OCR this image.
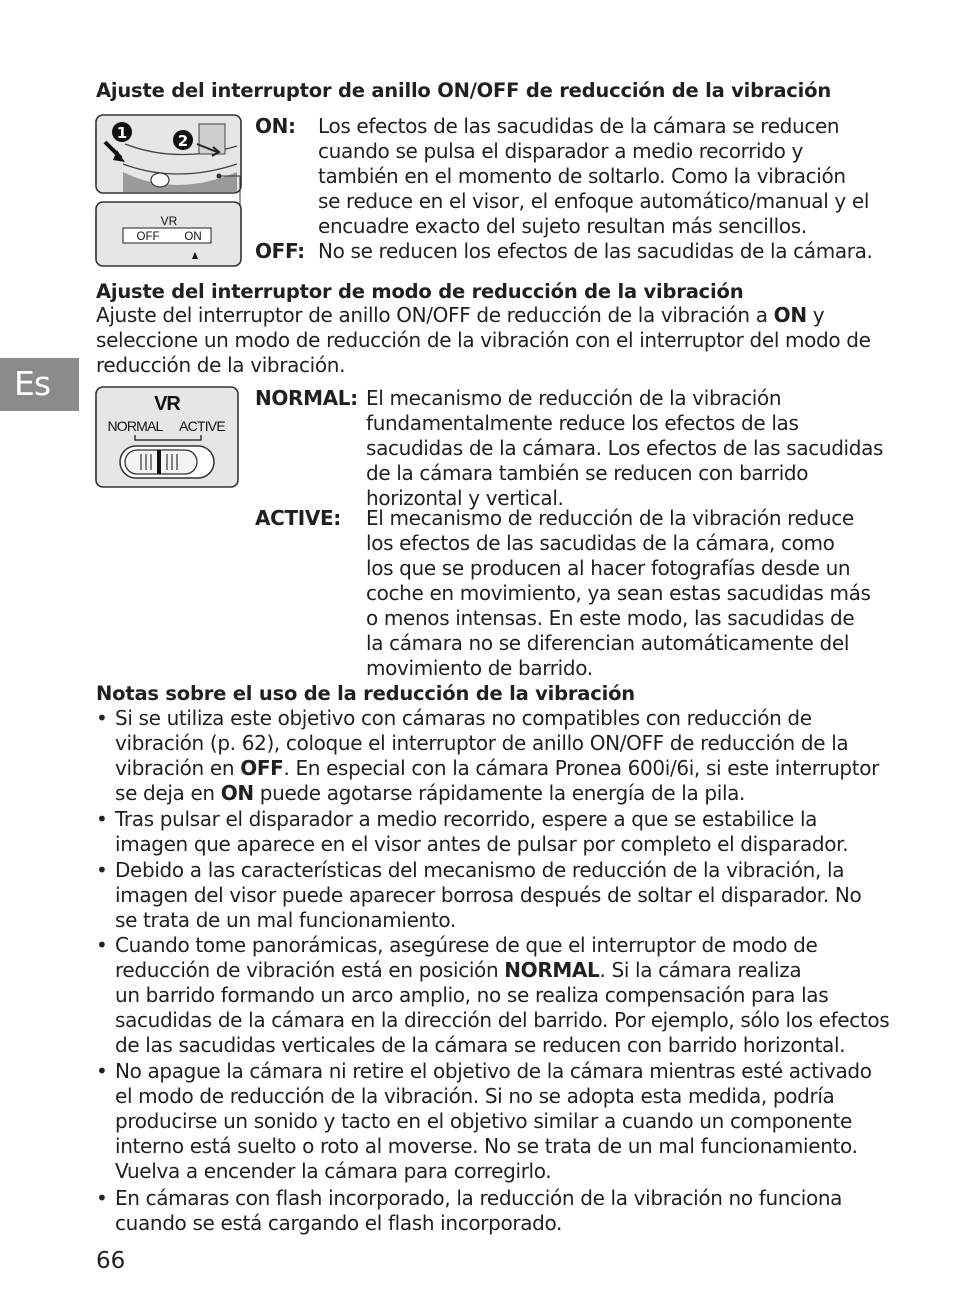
Es
Ajuste del interruptor de anillo ON/OFF de reducción de la vibración
1	2
VR
OFF ON
ON: Los efectos de las sacudidas de la cámara se reducen
cuando se pulsa el disparador a medio recorrido y
también en el momento de soltarlo. Como la vibración
se reduce en el visor, el enfoque automático/manual y el
encuadre exacto del sujeto resultan más sencillos.
OFF: No se reducen los efectos de las sacudidas de la cámara.
Ajuste del interruptor de modo de reducción de la vibración
Ajuste del interruptor de anillo ON/OFF de reducción de la vibración a ON y
seleccione un modo de reducción de la vibración con el interruptor del modo de
reducción de la vibración.
VR
NORMAL ACTIVE
NORMAL: El mecanismo de reducción de la vibración
fundamentalmente reduce los efectos de las
sacudidas de la cámara. Los efectos de las sacudidas
de la cámara también se reducen con barrido
horizontal y vertical.
ACTIVE: El mecanismo de reducción de la vibración reduce
los efectos de las sacudidas de la cámara, como
los que se producen al hacer fotografías desde un
coche en movimiento, ya sean estas sacudidas más
o menos intensas. En este modo, las sacudidas de
la cámara no se diferencian automáticamente del
movimiento de barrido.
Notas sobre el uso de la reducción de la vibración
• Si se utiliza este objetivo con cámaras no compatibles con reducción de
vibración (p. 62), coloque el interruptor de anillo ON/OFF de reducción de la
vibración en OFF. En especial con la cámara Pronea 600i/6i, si este interruptor
se deja en ON puede agotarse rápidamente la energía de la pila.
• Tras pulsar el disparador a medio recorrido, espere a que se estabilice la
imagen que aparece en el visor antes de pulsar por completo el disparador.
• Debido a las características del mecanismo de reducción de la vibración, la
imagen del visor puede aparecer borrosa después de soltar el disparador. No
se trata de un mal funcionamiento.
• Cuando tome panorámicas, asegúrese de que el interruptor de modo de
reducción de vibración está en posición NORMAL. Si la cámara realiza
un barrido formando un arco amplio, no se realiza compensación para las
sacudidas de la cámara en la dirección del barrido. Por ejemplo, sólo los efectos
de las sacudidas verticales de la cámara se reducen con barrido horizontal.
• No apague la cámara ni retire el objetivo de la cámara mientras esté activado
el modo de reducción de la vibración. Si no se adopta esta medida, podría
producirse un sonido y tacto en el objetivo similar a cuando un componente
interno está suelto o roto al moverse. No se trata de un mal funcionamiento.
Vuelva a encender la cámara para corregirlo.
• En cámaras con flash incorporado, la reducción de la vibración no funciona
cuando se está cargando el flash incorporado.
66
